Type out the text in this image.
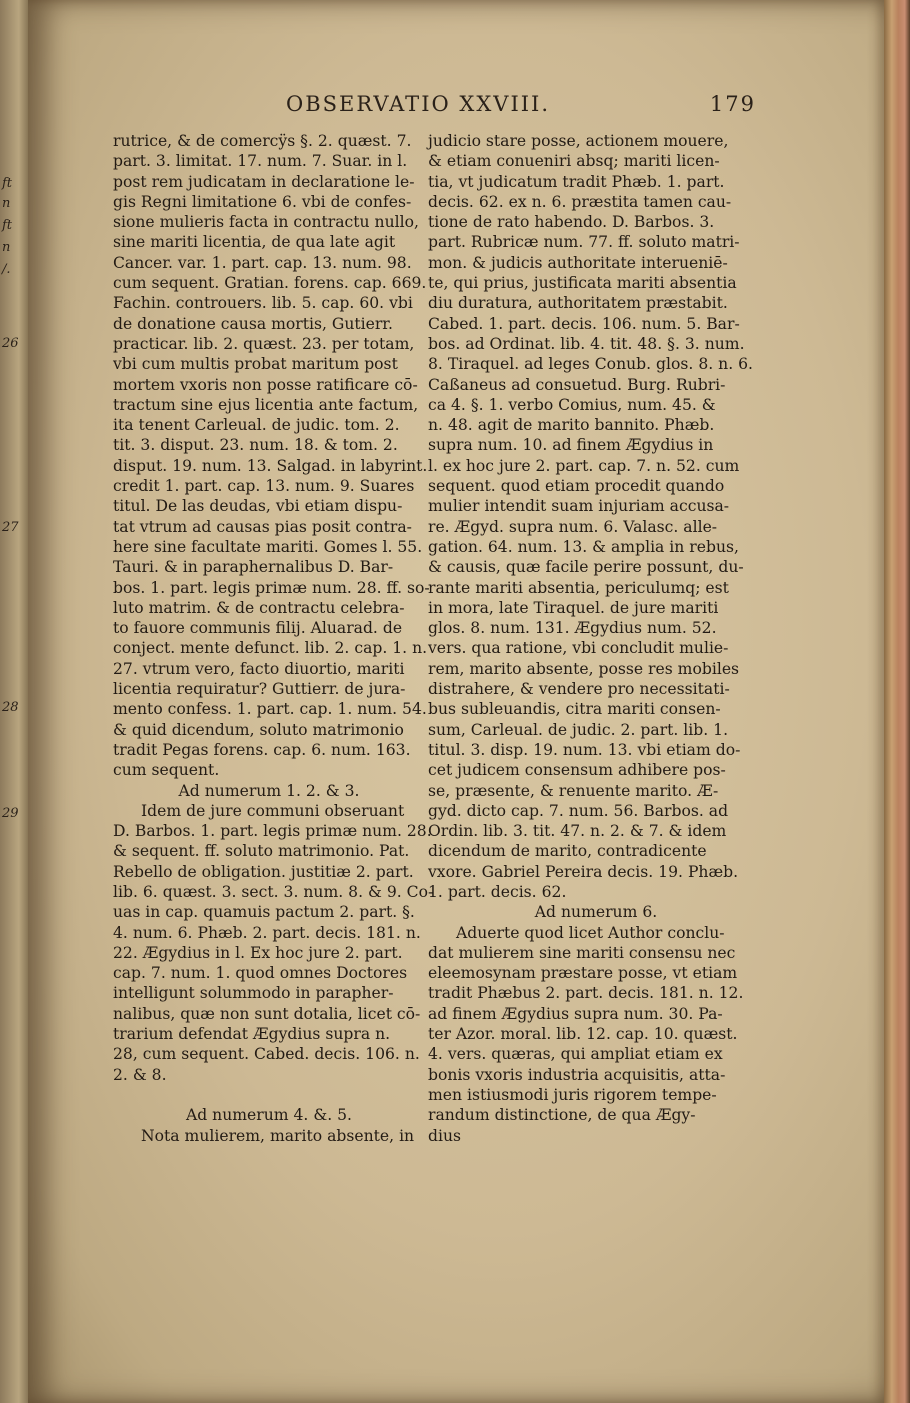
ft
n
ft
n
/.
26
27
28
29
OBSERVATIO XXVIII.	179
rutrice, & de comercÿs §. 2. quæst. 7.
part. 3. limitat. 17. num. 7. Suar. in l.
post rem judicatam in declaratione le-
gis Regni limitatione 6. vbi de confes-
sione mulieris facta in contractu nullo,
sine mariti licentia, de qua late agit
Cancer. var. 1. part. cap. 13. num. 98.
cum sequent. Gratian. forens. cap. 669.
Fachin. controuers. lib. 5. cap. 60. vbi
de donatione causa mortis, Gutierr.
practicar. lib. 2. quæst. 23. per totam,
vbi cum multis probat maritum post
mortem vxoris non posse ratificare cō-
tractum sine ejus licentia ante factum,
ita tenent Carleual. de judic. tom. 2.
tit. 3. disput. 23. num. 18. & tom. 2.
disput. 19. num. 13. Salgad. in labyrint.
credit 1. part. cap. 13. num. 9. Suares
titul. De las deudas, vbi etiam dispu-
tat vtrum ad causas pias posit contra-
here sine facultate mariti. Gomes l. 55.
Tauri. & in paraphernalibus D. Bar-
bos. 1. part. legis primæ num. 28. ff. so-
luto matrim. & de contractu celebra-
to fauore communis filij. Aluarad. de
conject. mente defunct. lib. 2. cap. 1. n.
27. vtrum vero, facto diuortio, mariti
licentia requiratur? Guttierr. de jura-
mento confess. 1. part. cap. 1. num. 54.
& quid dicendum, soluto matrimonio
tradit Pegas forens. cap. 6. num. 163.
cum sequent.
Ad numerum 1. 2. & 3.
Idem de jure communi obseruant
D. Barbos. 1. part. legis primæ num. 28.
& sequent. ff. soluto matrimonio. Pat.
Rebello de obligation. justitiæ 2. part.
lib. 6. quæst. 3. sect. 3. num. 8. & 9. Co-
uas in cap. quamuis pactum 2. part. §.
4. num. 6. Phæb. 2. part. decis. 181. n.
22. Ægydius in l. Ex hoc jure 2. part.
cap. 7. num. 1. quod omnes Doctores
intelligunt solummodo in parapher-
nalibus, quæ non sunt dotalia, licet cō-
trarium defendat Ægydius supra n.
28, cum sequent. Cabed. decis. 106. n.
2. & 8.
Ad numerum 4. &. 5.
Nota mulierem, marito absente, in
judicio stare posse, actionem mouere,
& etiam conueniri absq; mariti licen-
tia, vt judicatum tradit Phæb. 1. part.
decis. 62. ex n. 6. præstita tamen cau-
tione de rato habendo. D. Barbos. 3.
part. Rubricæ num. 77. ff. soluto matri-
mon. & judicis authoritate interueniē-
te, qui prius, justificata mariti absentia
diu duratura, authoritatem præstabit.
Cabed. 1. part. decis. 106. num. 5. Bar-
bos. ad Ordinat. lib. 4. tit. 48. §. 3. num.
8. Tiraquel. ad leges Conub. glos. 8. n. 6.
Caßaneus ad consuetud. Burg. Rubri-
ca 4. §. 1. verbo Comius, num. 45. &
n. 48. agit de marito bannito. Phæb.
supra num. 10. ad finem Ægydius in
l. ex hoc jure 2. part. cap. 7. n. 52. cum
sequent. quod etiam procedit quando
mulier intendit suam injuriam accusa-
re. Ægyd. supra num. 6. Valasc. alle-
gation. 64. num. 13. & amplia in rebus,
& causis, quæ facile perire possunt, du-
rante mariti absentia, periculumq; est
in mora, late Tiraquel. de jure mariti
glos. 8. num. 131. Ægydius num. 52.
vers. qua ratione, vbi concludit mulie-
rem, marito absente, posse res mobiles
distrahere, & vendere pro necessitati-
bus subleuandis, citra mariti consen-
sum, Carleual. de judic. 2. part. lib. 1.
titul. 3. disp. 19. num. 13. vbi etiam do-
cet judicem consensum adhibere pos-
se, præsente, & renuente marito. Æ-
gyd. dicto cap. 7. num. 56. Barbos. ad
Ordin. lib. 3. tit. 47. n. 2. & 7. & idem
dicendum de marito, contradicente
vxore. Gabriel Pereira decis. 19. Phæb.
1. part. decis. 62.
Ad numerum 6.
Aduerte quod licet Author conclu-
dat mulierem sine mariti consensu nec
eleemosynam præstare posse, vt etiam
tradit Phæbus 2. part. decis. 181. n. 12.
ad finem Ægydius supra num. 30. Pa-
ter Azor. moral. lib. 12. cap. 10. quæst.
4. vers. quæras, qui ampliat etiam ex
bonis vxoris industria acquisitis, atta-
men istiusmodi juris rigorem tempe-
randum distinctione, de qua Ægy-
dius
